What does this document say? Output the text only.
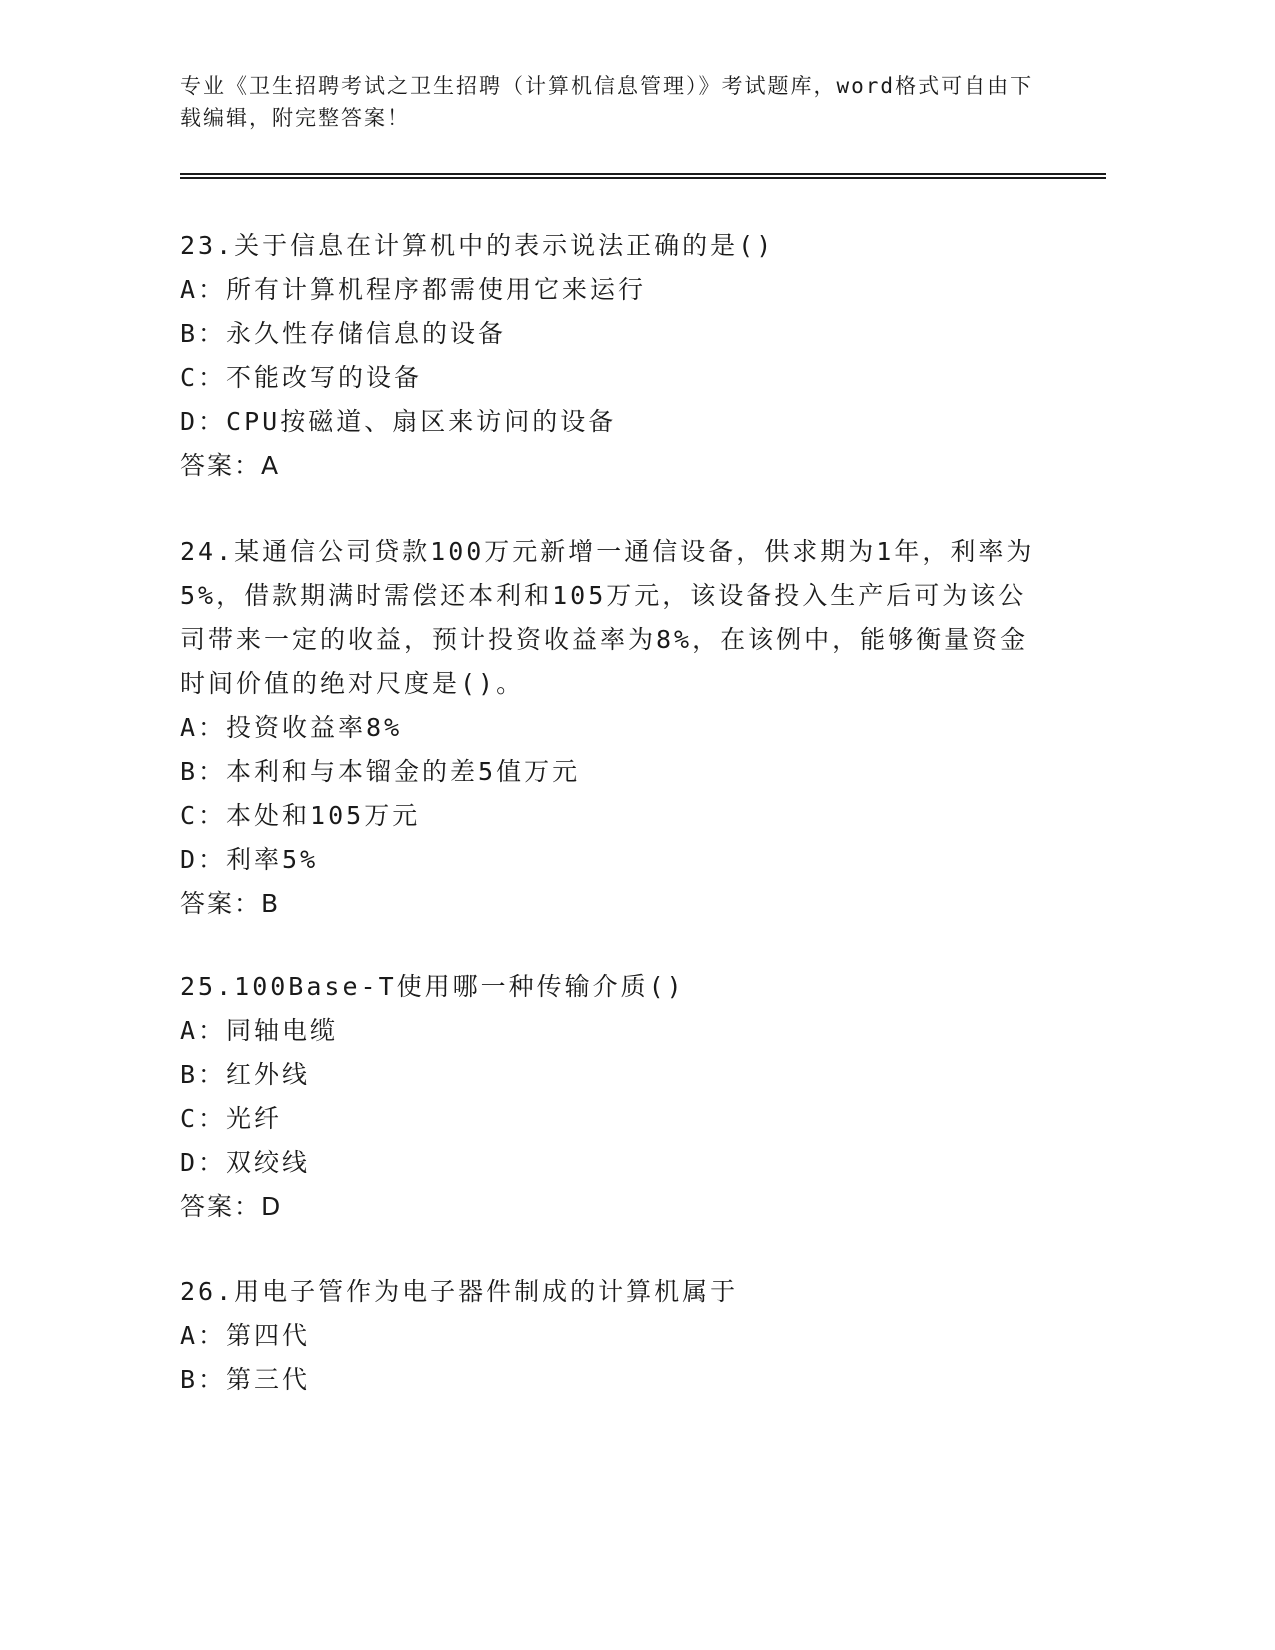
专业《卫生招聘考试之卫生招聘（计算机信息管理）》考试题库，word格式可自由下载编辑，附完整答案！

23.关于信息在计算机中的表示说法正确的是()

A：所有计算机程序都需使用它来运行

B：永久性存储信息的设备

C：不能改写的设备

D：CPU按磁道、扇区来访问的设备

答案：A

24.某通信公司贷款100万元新增一通信设备，供求期为1年，利率为5%，借款期满时需偿还本利和105万元，该设备投入生产后可为该公司带来一定的收益，预计投资收益率为8%，在该例中，能够衡量资金时间价值的绝对尺度是()。

A：投资收益率8%

B：本利和与本镏金的差5值万元

C：本处和105万元

D：利率5%

答案：B

25.100Base-T使用哪一种传输介质()

A：同轴电缆

B：红外线

C：光纤

D：双绞线

答案：D

26.用电子管作为电子器件制成的计算机属于

A：第四代

B：第三代
